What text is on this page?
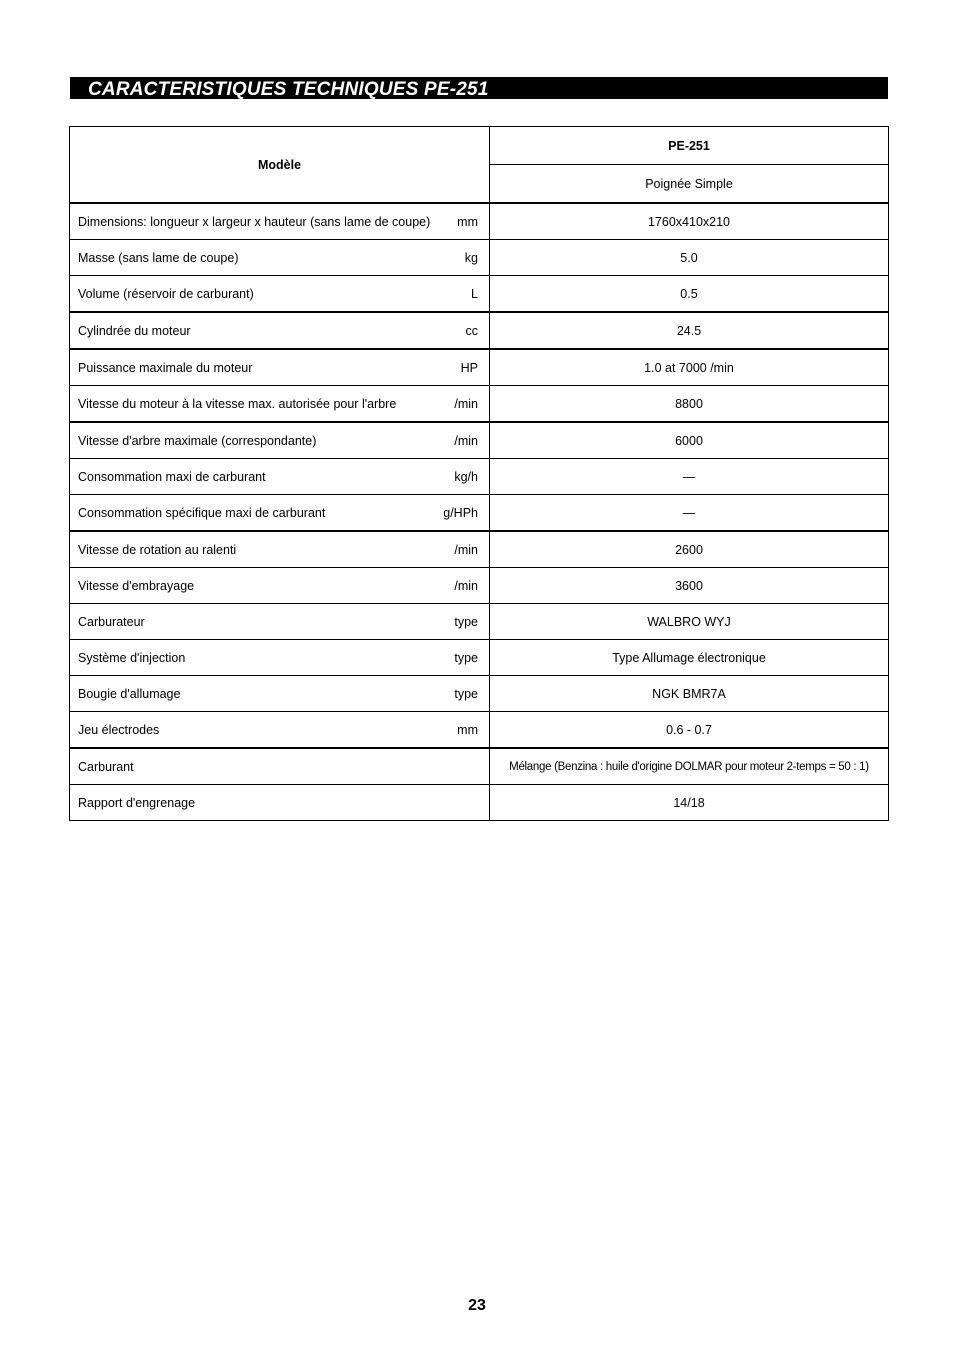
CARACTERISTIQUES TECHNIQUES PE-251
Modèle		PE-251
		Poignée Simple
Dimensions: longueur x largeur x hauteur (sans lame de coupe)	mm	1760x410x210
Masse (sans lame de coupe)	kg	5.0
Volume (réservoir de carburant)	L	0.5
Cylindrée du moteur	cc	24.5
Puissance maximale du moteur	HP	1.0 at 7000 /min
Vitesse du moteur à la vitesse max. autorisée pour l'arbre	/min	8800
Vitesse d'arbre maximale (correspondante)	/min	6000
Consommation maxi de carburant	kg/h	—
Consommation spécifique maxi de carburant	g/HPh	—
Vitesse de rotation au ralenti	/min	2600
Vitesse d'embrayage	/min	3600
Carburateur	type	WALBRO WYJ
Système d'injection	type	Type Allumage électronique
Bougie d'allumage	type	NGK BMR7A
Jeu électrodes	mm	0.6 - 0.7
Carburant		Mélange (Benzina : huile d'origine DOLMAR pour moteur 2-temps = 50 : 1)
Rapport d'engrenage		14/18
23
